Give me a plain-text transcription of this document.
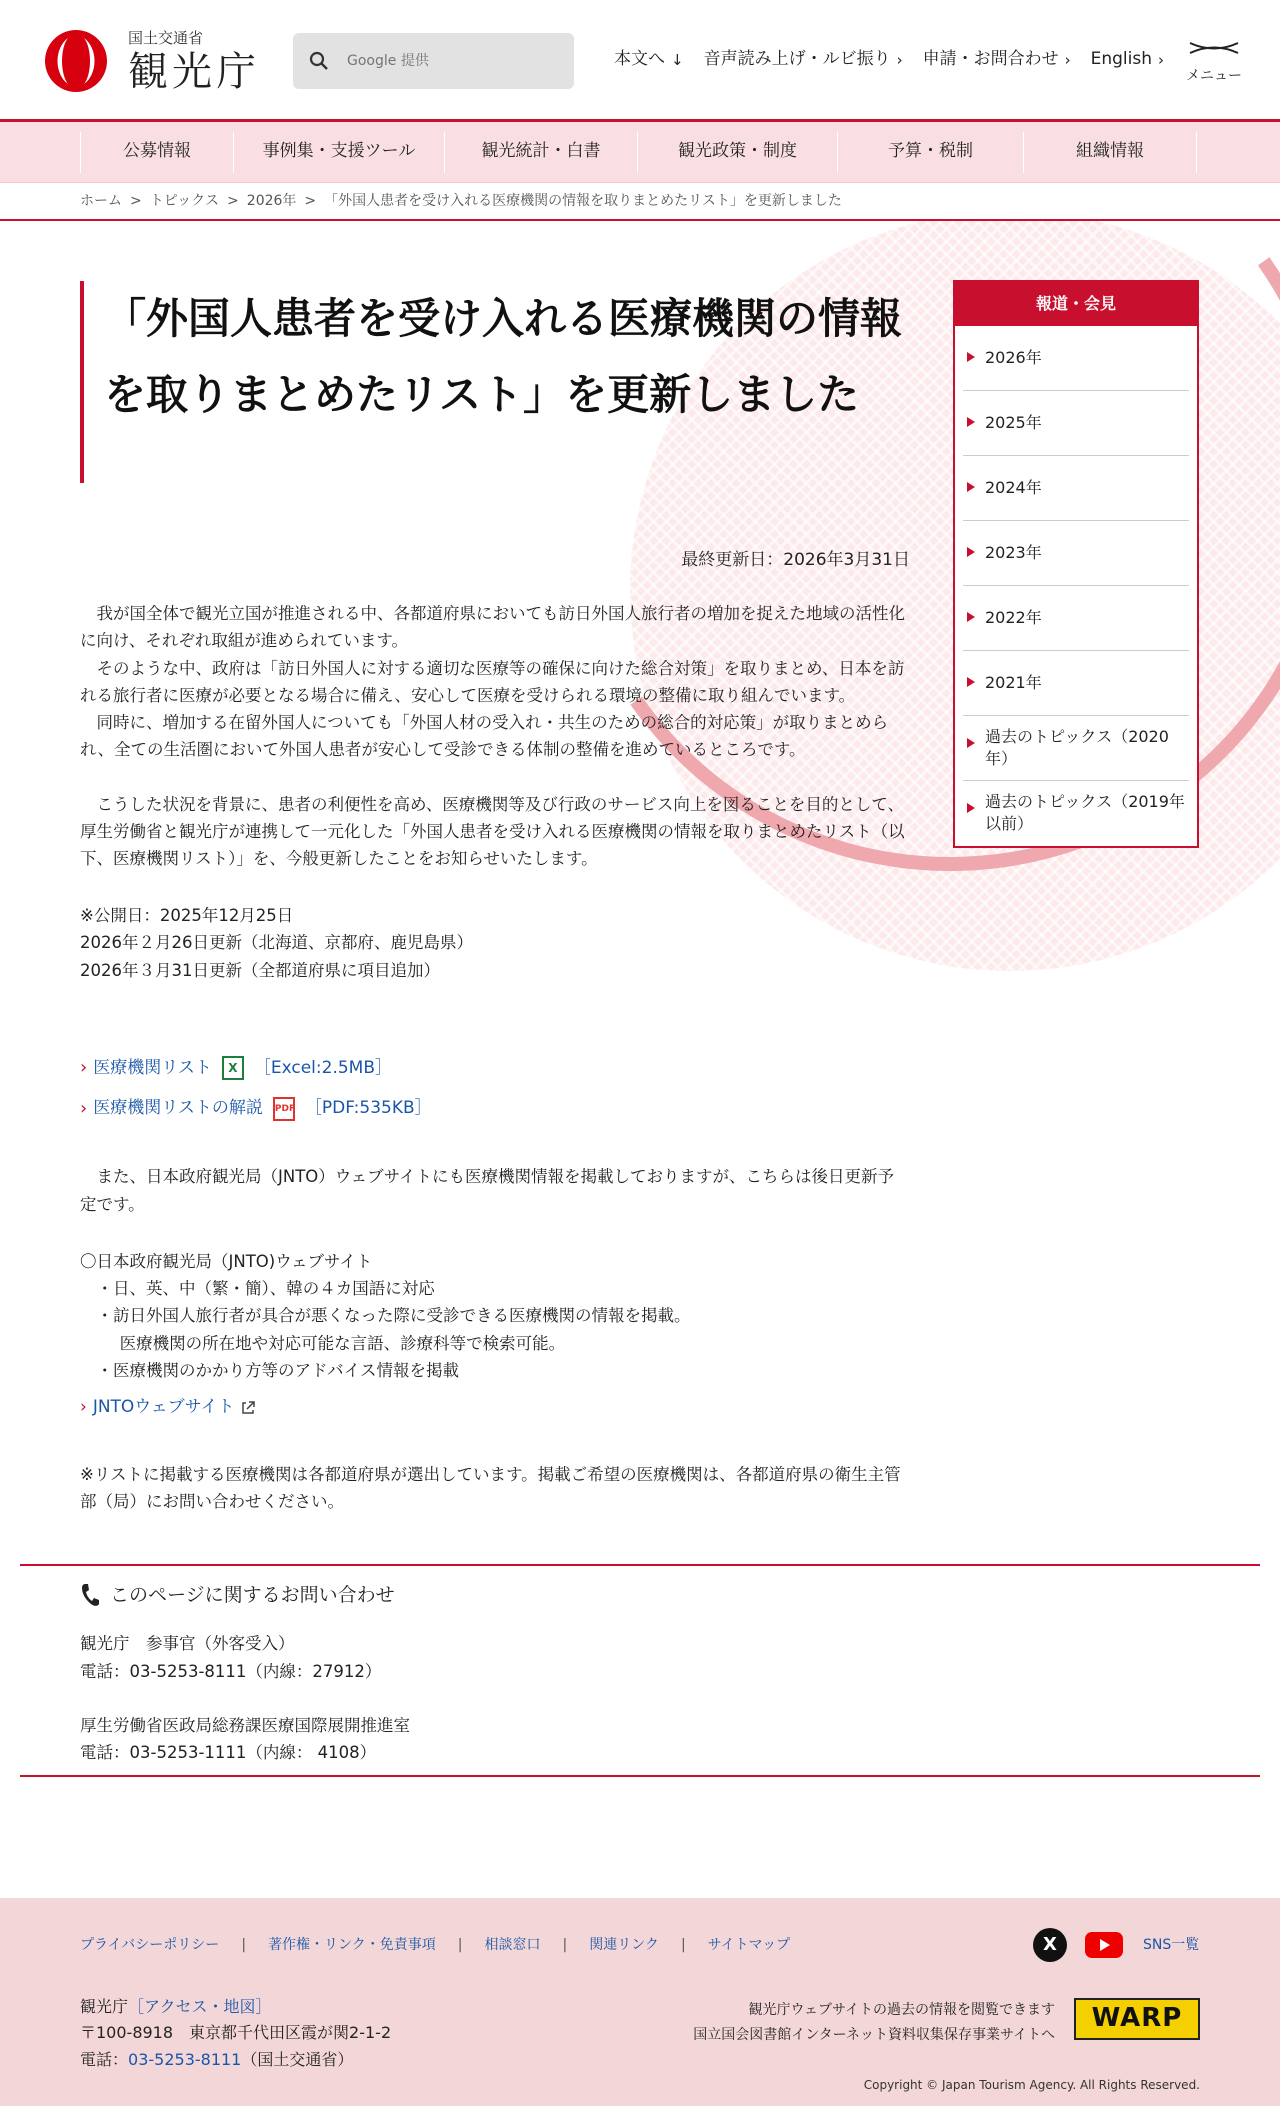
国土交通省
観光庁
Google 提供	本文へ ↓ 音声読み上げ・ルビ振り › 申請・お問合わせ › English ›
メニュー
公募情報	事例集・支援ツール	観光統計・白書	観光政策・制度	予算・税制	組織情報
ホーム > トピックス > 2026年 > 「外国人患者を受け入れる医療機関の情報を取りまとめたリスト」を更新しました
「外国人患者を受け入れる医療機関の情報を取りまとめたリスト」を更新しました
最終更新日：2026年3月31日

我が国全体で観光立国が推進される中、各都道府県においても訪日外国人旅行者の増加を捉えた地域の活性化に向け、それぞれ取組が進められています。

そのような中、政府は「訪日外国人に対する適切な医療等の確保に向けた総合対策」を取りまとめ、日本を訪れる旅行者に医療が必要となる場合に備え、安心して医療を受けられる環境の整備に取り組んでいます。

同時に、増加する在留外国人についても「外国人材の受入れ・共生のための総合的対応策」が取りまとめられ、全ての生活圏において外国人患者が安心して受診できる体制の整備を進めているところです。

こうした状況を背景に、患者の利便性を高め、医療機関等及び行政のサービス向上を図ることを目的として、厚生労働省と観光庁が連携して一元化した「外国人患者を受け入れる医療機関の情報を取りまとめたリスト（以下、医療機関リスト）」を、今般更新したことをお知らせいたします。

※公開日：2025年12月25日
2026年２月26日更新（北海道、京都府、鹿児島県）
2026年３月31日更新（全都道府県に項目追加）
› 医療機関リスト	X ［Excel:2.5MB］
› 医療機関リストの解説 PDF ［PDF:535KB］

また、日本政府観光局（JNTO）ウェブサイトにも医療機関情報を掲載しておりますが、こちらは後日更新予定です。

〇日本政府観光局（JNTO)ウェブサイト
・日、英、中（繁・簡）、韓の４カ国語に対応
・訪日外国人旅行者が具合が悪くなった際に受診できる医療機関の情報を掲載。
医療機関の所在地や対応可能な言語、診療科等で検索可能。
・医療機関のかかり方等のアドバイス情報を掲載
› JNTOウェブサイト
※リストに掲載する医療機関は各都道府県が選出しています。掲載ご希望の医療機関は、各都道府県の衛生主管部（局）にお問い合わせください。
報道・会見
2026年
2025年
2024年
2023年
2022年
2021年
過去のトピックス（2020年）
過去のトピックス（2019年以前）
このページに関するお問い合わせ
観光庁　参事官（外客受入）
電話：03-5253-8111（内線：27912）
厚生労働省医政局総務課医療国際展開推進室
電話：03-5253-1111（内線： 4108）
プライバシーポリシー | 著作権・リンク・免責事項 | 相談窓口 | 関連リンク | サイトマップ	X	SNS一覧
観光庁［アクセス・地図］
〒100-8918　東京都千代田区霞が関2-1-2
電話：03-5253-8111（国土交通省）
観光庁ウェブサイトの過去の情報を閲覧できます
国立国会図書館インターネット資料収集保存事業サイトへ
WARP
Copyright © Japan Tourism Agency. All Rights Reserved.
